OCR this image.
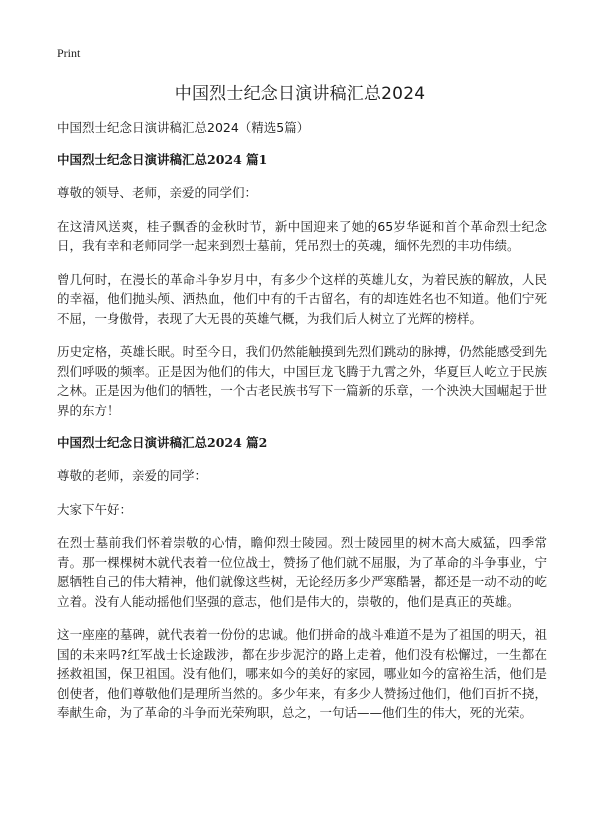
Print
中国烈士纪念日演讲稿汇总2024

中国烈士纪念日演讲稿汇总2024（精选5篇）

中国烈士纪念日演讲稿汇总2024 篇1

尊敬的领导、老师，亲爱的同学们：

在这清风送爽，桂子飘香的金秋时节，新中国迎来了她的65岁华诞和首个革命烈士纪念日，我有幸和老师同学一起来到烈士墓前，凭吊烈士的英魂，缅怀先烈的丰功伟绩。

曾几何时，在漫长的革命斗争岁月中，有多少个这样的英雄儿女，为着民族的解放，人民的幸福，他们抛头颅、洒热血，他们中有的千古留名，有的却连姓名也不知道。他们宁死不屈，一身傲骨，表现了大无畏的英雄气概，为我们后人树立了光辉的榜样。

历史定格，英雄长眠。时至今日，我们仍然能触摸到先烈们跳动的脉搏，仍然能感受到先烈们呼吸的频率。正是因为他们的伟大，中国巨龙飞腾于九霄之外，华夏巨人屹立于民族之林。正是因为他们的牺牲，一个古老民族书写下一篇新的乐章，一个泱泱大国崛起于世界的东方！

中国烈士纪念日演讲稿汇总2024 篇2

尊敬的老师，亲爱的同学：

大家下午好：

在烈士墓前我们怀着崇敬的心情，瞻仰烈士陵园。烈士陵园里的树木高大威猛，四季常青。那一棵棵树木就代表着一位位战士，赞扬了他们就不屈服，为了革命的斗争事业，宁愿牺牲自己的伟大精神，他们就像这些树，无论经历多少严寒酷暑，都还是一动不动的屹立着。没有人能动摇他们坚强的意志，他们是伟大的，崇敬的，他们是真正的英雄。

这一座座的墓碑，就代表着一份份的忠诚。他们拼命的战斗难道不是为了祖国的明天，祖国的未来吗?红军战士长途跋涉，都在步步泥泞的路上走着，他们没有松懈过，一生都在拯救祖国，保卫祖国。没有他们，哪来如今的美好的家园，哪业如今的富裕生活，他们是创使者，他们尊敬他们是理所当然的。多少年来，有多少人赞扬过他们，他们百折不挠，奉献生命，为了革命的斗争而光荣殉职，总之，一句话——他们生的伟大，死的光荣。
